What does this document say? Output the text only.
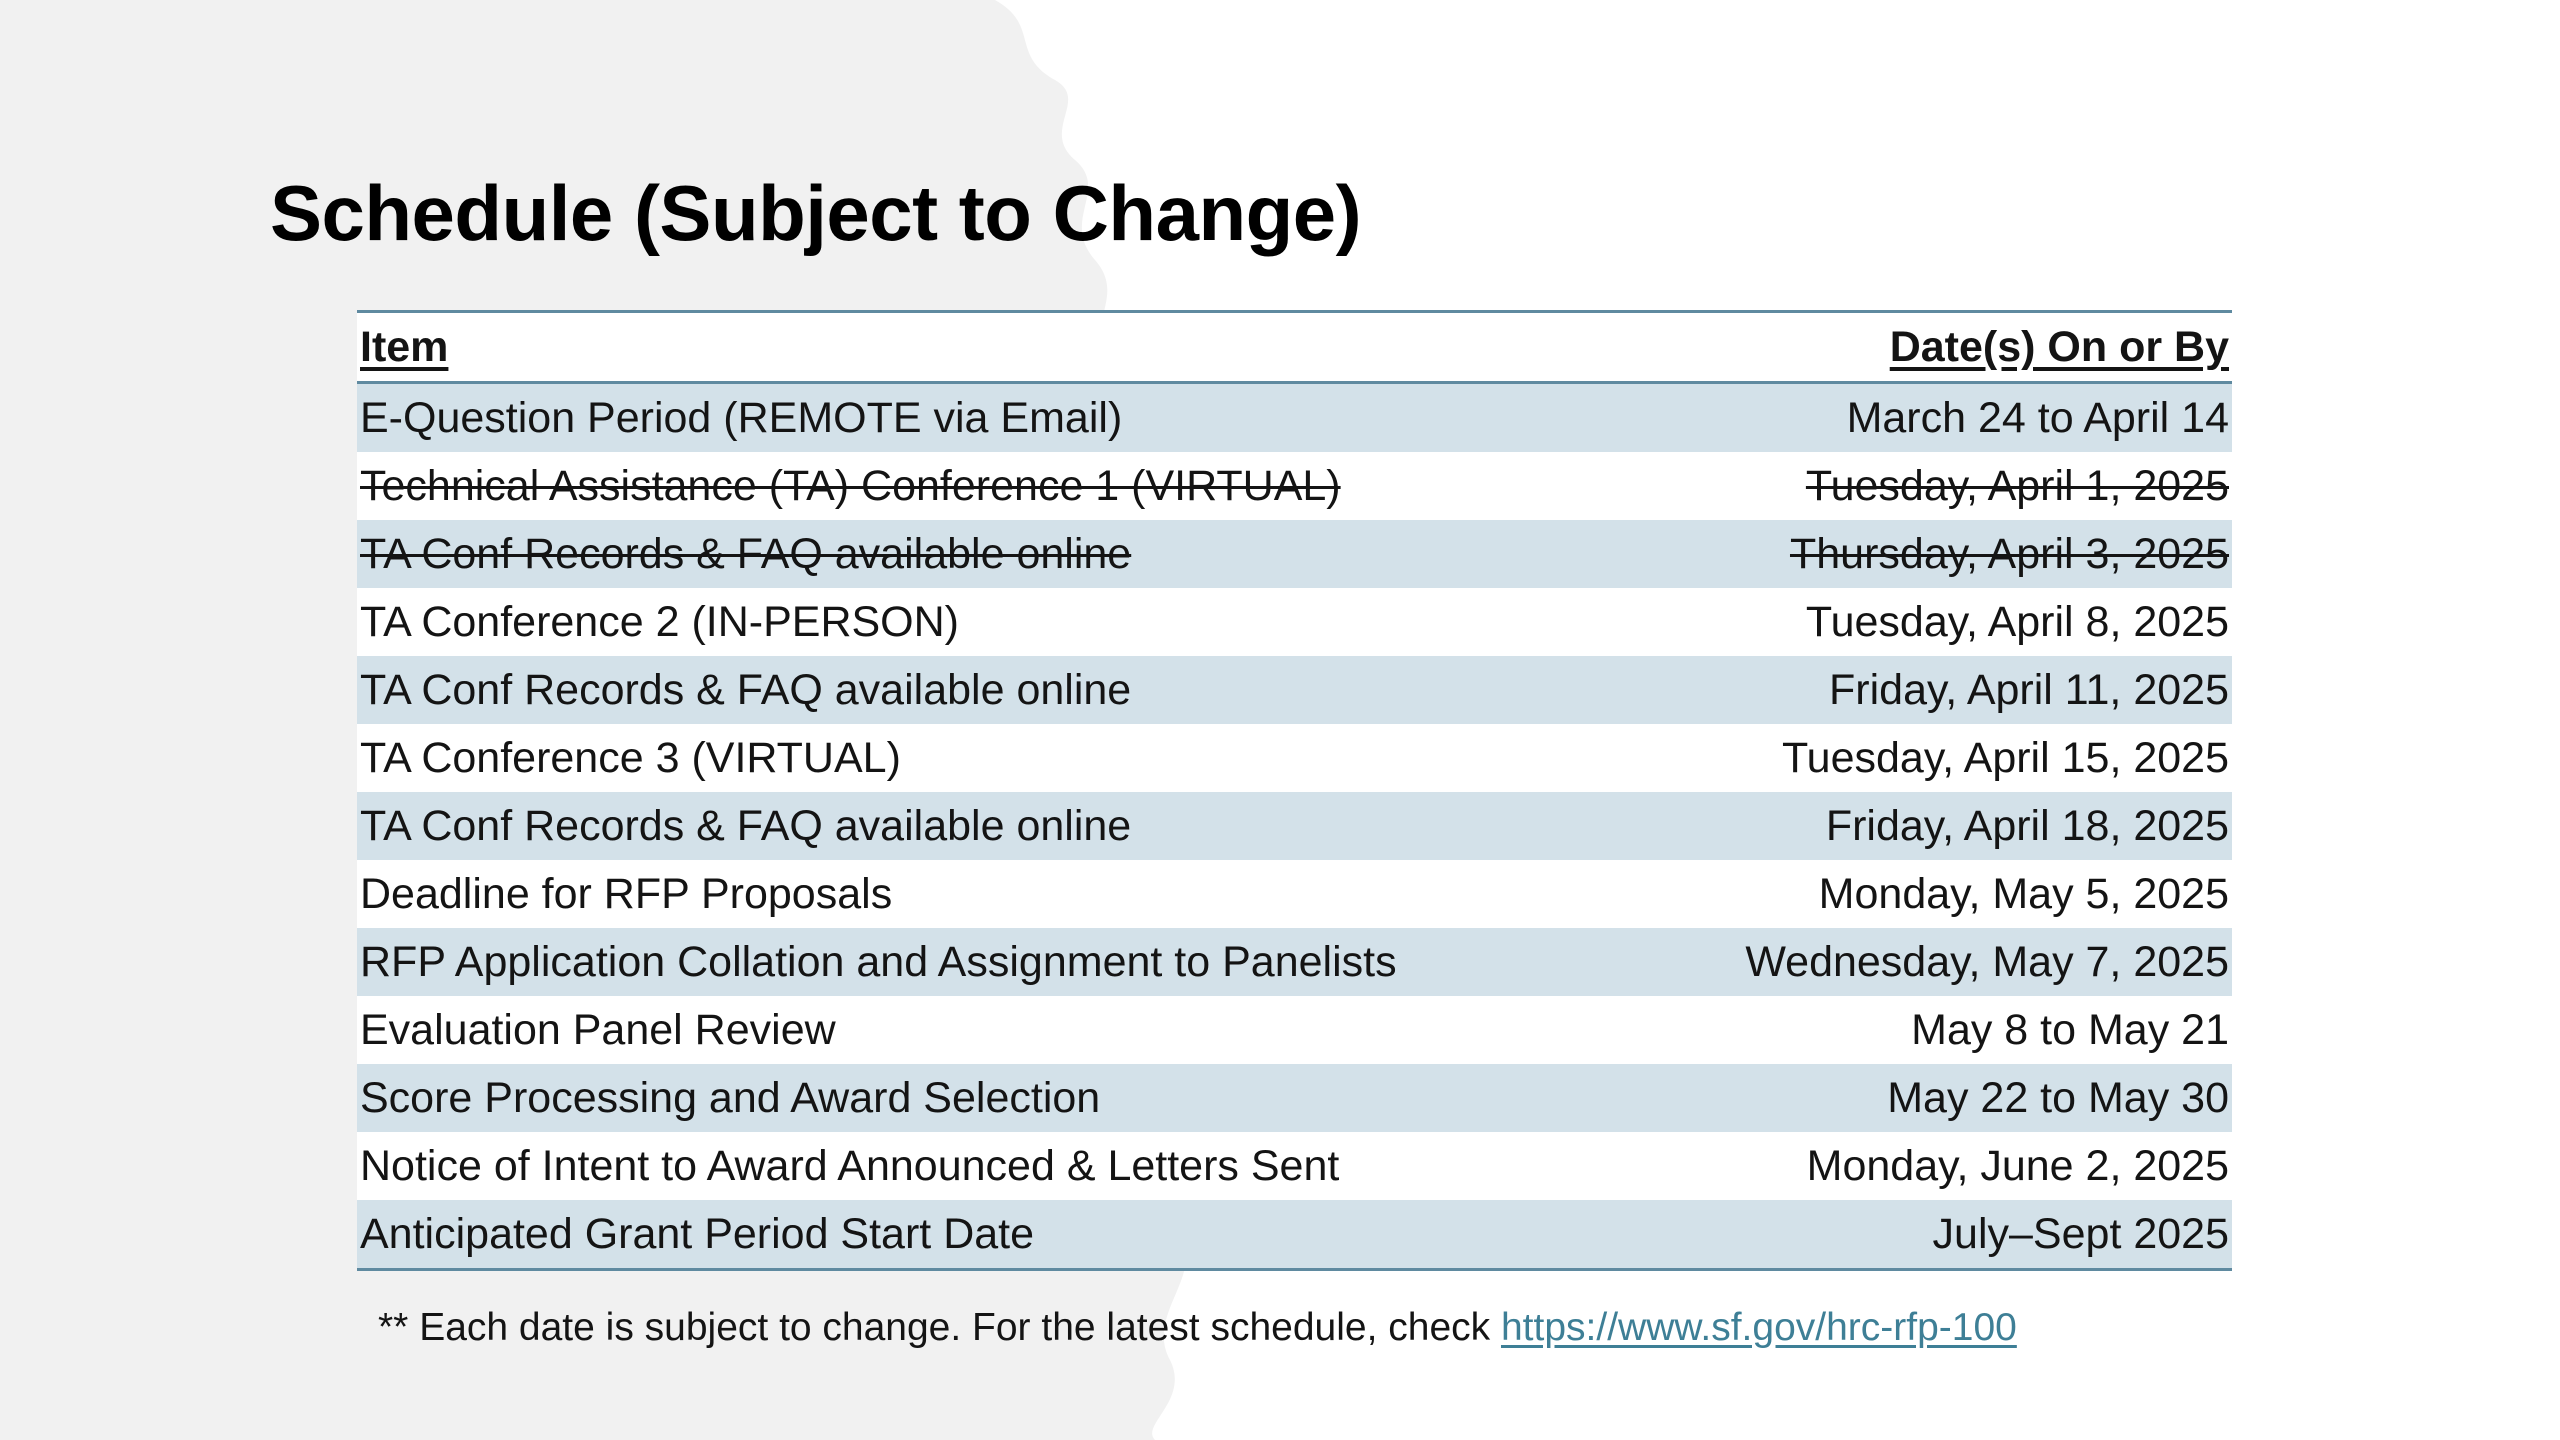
Schedule (Subject to Change)
Item	Date(s) On or By
E-Question Period (REMOTE via Email)	March 24 to April 14
Technical Assistance (TA) Conference 1 (VIRTUAL)	Tuesday, April 1, 2025
TA Conf Records & FAQ available online	Thursday, April 3, 2025
TA Conference 2 (IN-PERSON)	Tuesday, April 8, 2025
TA Conf Records & FAQ available online	Friday, April 11, 2025
TA Conference 3 (VIRTUAL)	Tuesday, April 15, 2025
TA Conf Records & FAQ available online	Friday, April 18, 2025
Deadline for RFP Proposals	Monday, May 5, 2025
RFP Application Collation and Assignment to Panelists	Wednesday, May 7, 2025
Evaluation Panel Review	May 8 to May 21
Score Processing and Award Selection	May 22 to May 30
Notice of Intent to Award Announced & Letters Sent	Monday, June 2, 2025
Anticipated Grant Period Start Date	July–Sept 2025
** Each date is subject to change. For the latest schedule, check https://www.sf.gov/hrc-rfp-100
